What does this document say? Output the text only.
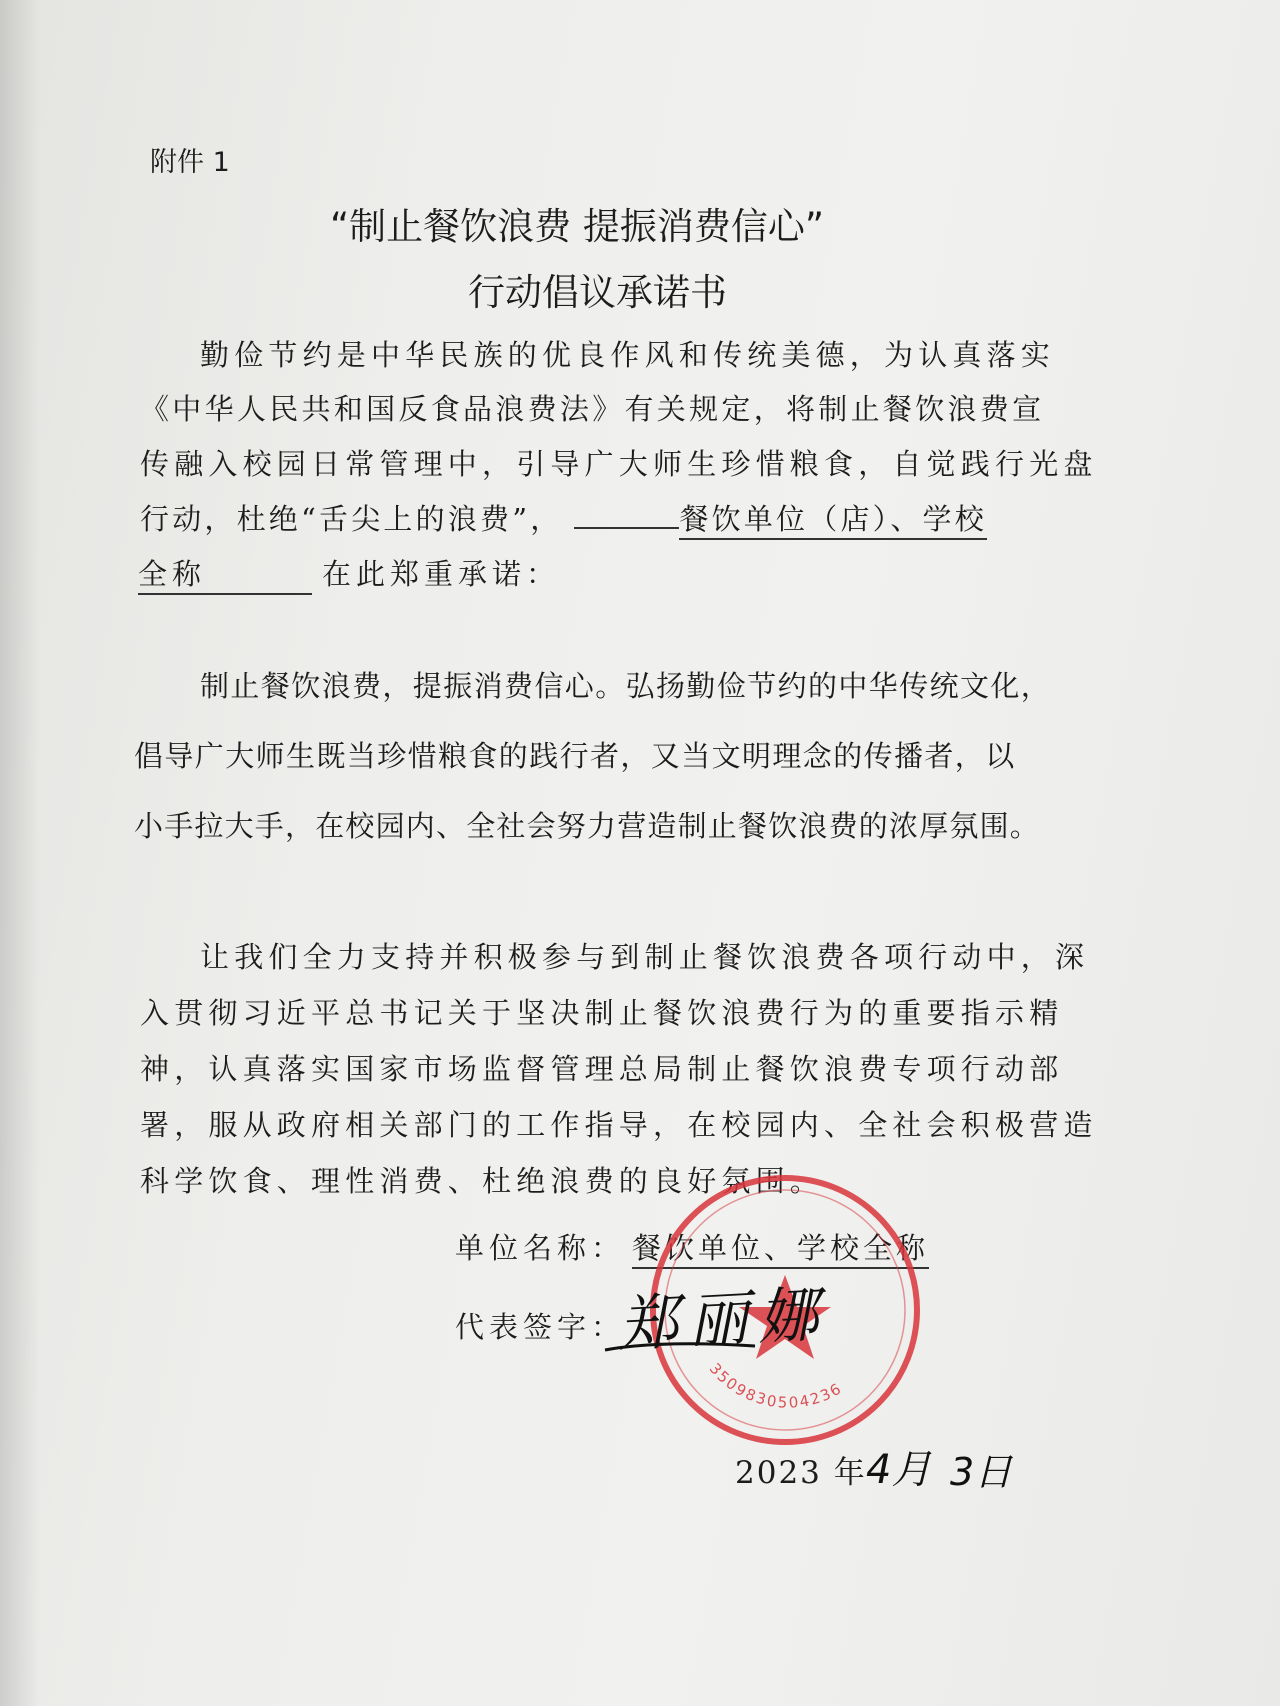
附件 1
“制止餐饮浪费 提振消费信心”
行动倡议承诺书
勤俭节约是中华民族的优良作风和传统美德，为认真落实
《中华人民共和国反食品浪费法》有关规定，将制止餐饮浪费宣
传融入校园日常管理中，引导广大师生珍惜粮食，自觉践行光盘
行动，杜绝“舌尖上的浪费”，	餐饮单位（店）、学校
全称	在此郑重承诺：
制止餐饮浪费，提振消费信心。弘扬勤俭节约的中华传统文化，
倡导广大师生既当珍惜粮食的践行者，又当文明理念的传播者，以
小手拉大手，在校园内、全社会努力营造制止餐饮浪费的浓厚氛围。
让我们全力支持并积极参与到制止餐饮浪费各项行动中，深
入贯彻习近平总书记关于坚决制止餐饮浪费行为的重要指示精
神，认真落实国家市场监督管理总局制止餐饮浪费专项行动部
署，服从政府相关部门的工作指导，在校园内、全社会积极营造
科学饮食、理性消费、杜绝浪费的良好氛围。
单位名称： 餐饮单位、学校全称
代表签字：
3509830504236
郑丽娜
2023 年 4月 3日
